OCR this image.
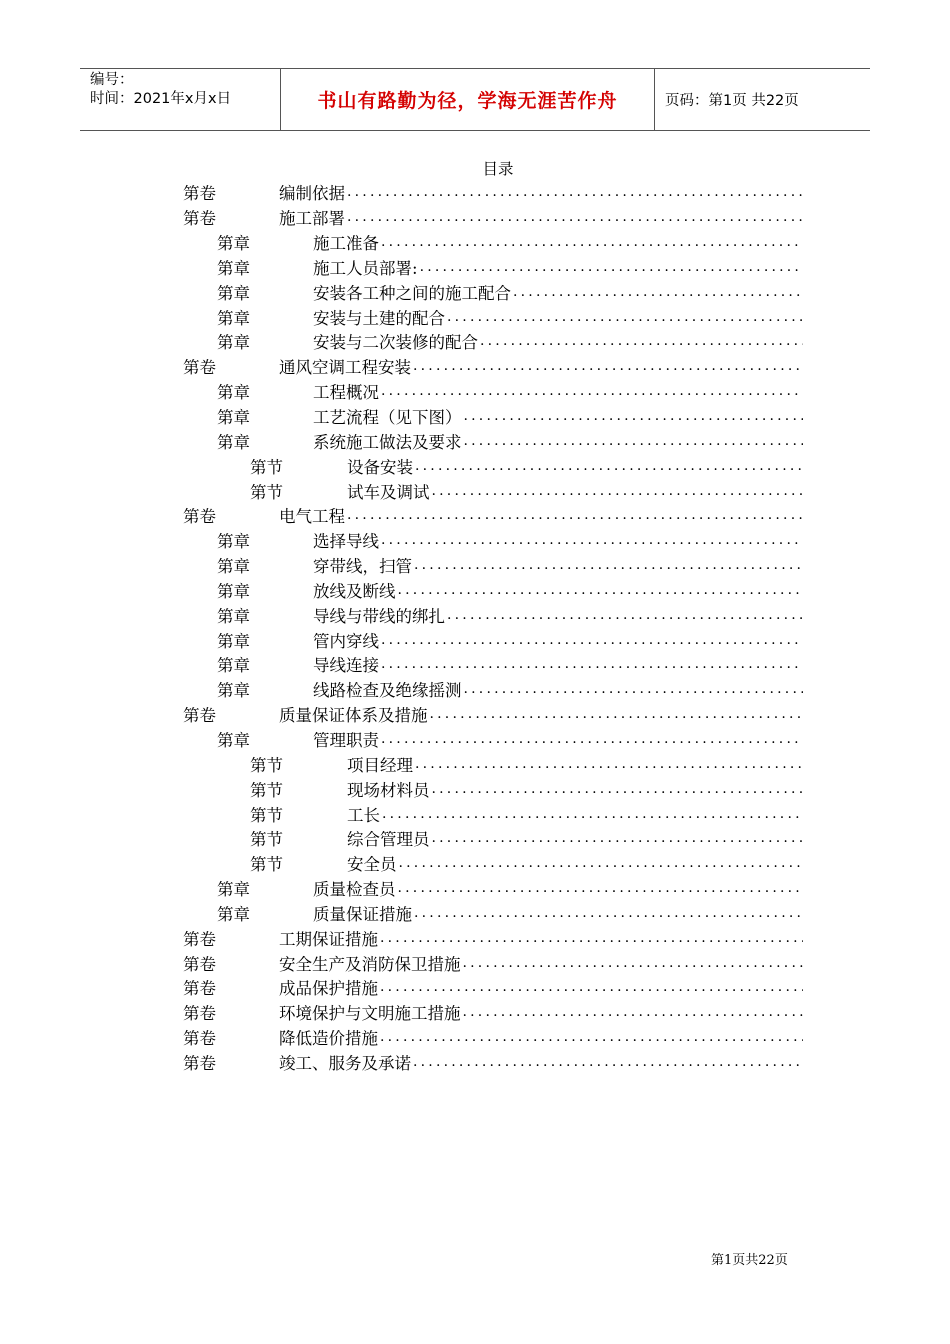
编号：
时间：2021年x月x日	书山有路勤为径，学海无涯苦作舟	页码：第1页 共22页
目录
第卷	编制依据
.....
第卷	施工部署
.....
第章	施工准备
.....
第章	施工人员部署:
.....
第章	安装各工种之间的施工配合
.....
第章	安装与土建的配合
.....
第章	安装与二次装修的配合
.....
第卷	通风空调工程安装
.....
第章	工程概况
.....
第章	工艺流程（见下图）
.....
第章	系统施工做法及要求
.....
第节	设备安装
.....
第节	试车及调试
.....
第卷	电气工程
.....
第章	选择导线
.....
第章	穿带线，扫管
.....
第章	放线及断线
.....
第章	导线与带线的绑扎
.....
第章	管内穿线
.....
第章	导线连接
.....
第章	线路检查及绝缘摇测
.....
第卷	质量保证体系及措施
.....
第章	管理职责
.....
第节	项目经理
.....
第节	现场材料员
.....
第节	工长
.....
第节	综合管理员
.....
第节	安全员
.....
第章	质量检查员
.....
第章	质量保证措施
.....
第卷	工期保证措施
.....
第卷	安全生产及消防保卫措施
.....
第卷	成品保护措施
.....
第卷	环境保护与文明施工措施
.....
第卷	降低造价措施
.....
第卷	竣工、服务及承诺
.....
第1页共22页
